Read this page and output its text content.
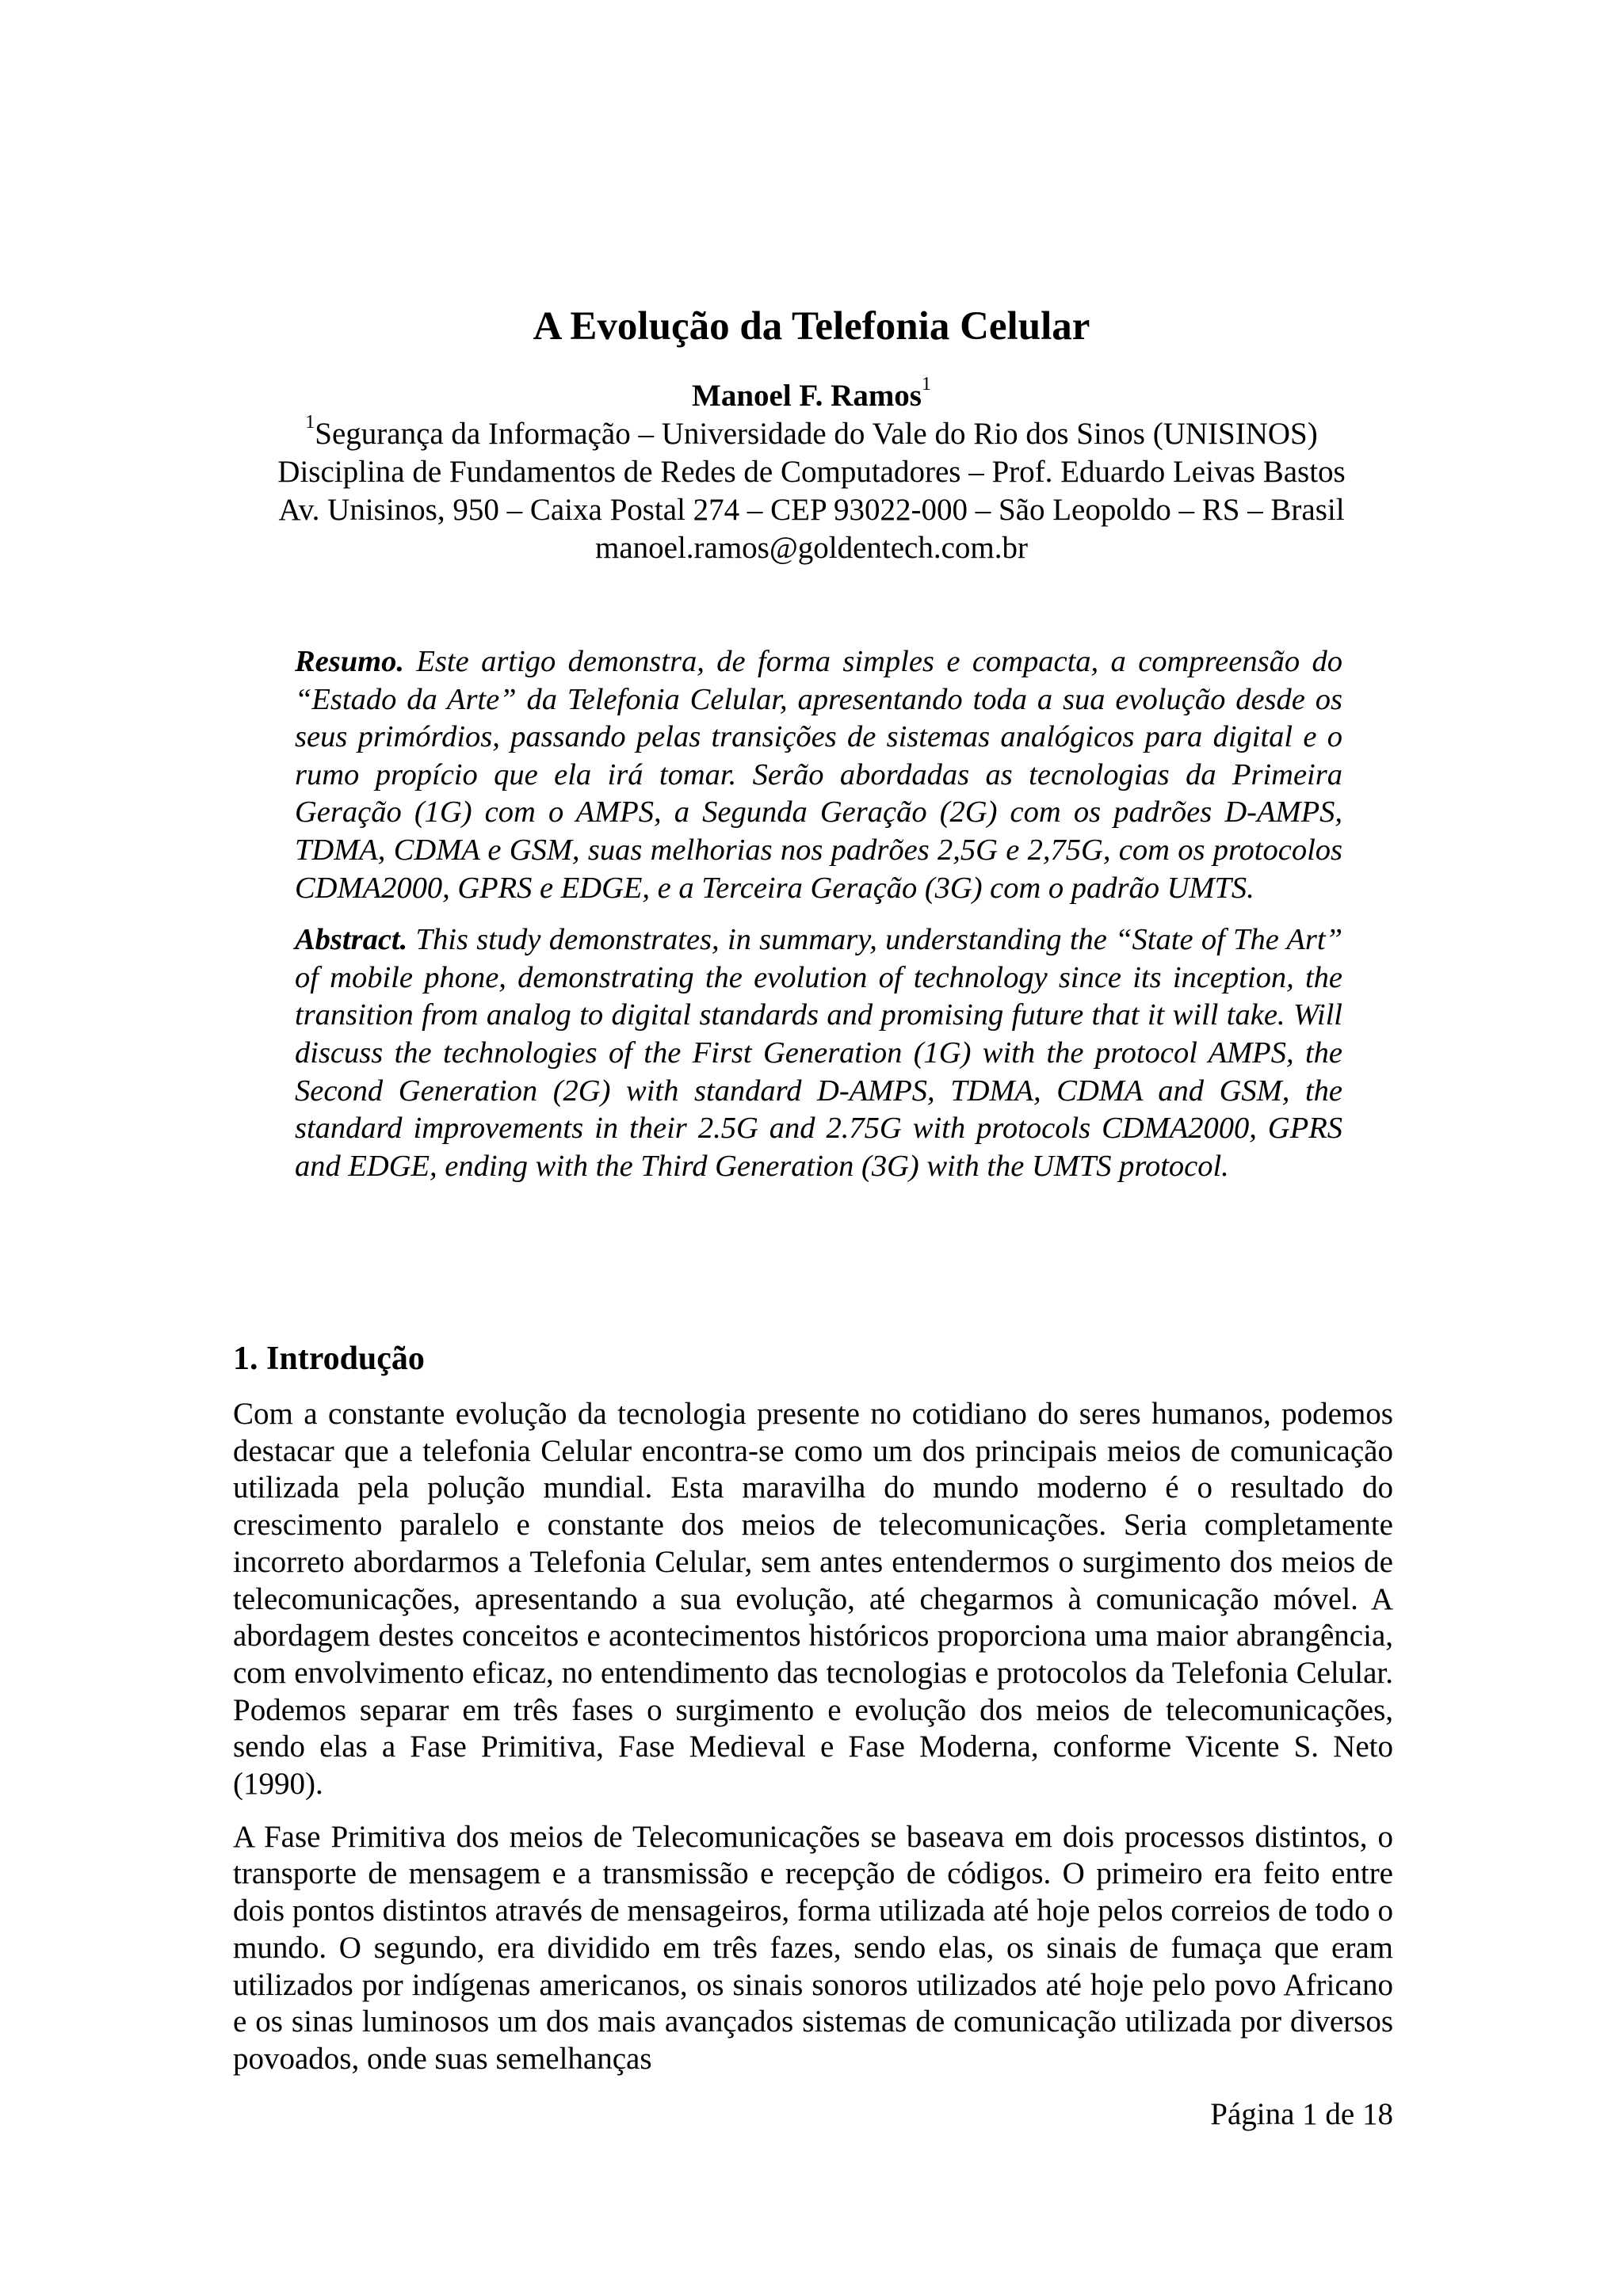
A Evolução da Telefonia Celular
Manoel F. Ramos$^1$
$^1$Segurança da Informação – Universidade do Vale do Rio dos Sinos (UNISINOS)
Disciplina de Fundamentos de Redes de Computadores – Prof. Eduardo Leivas Bastos
Av. Unisinos, 950 – Caixa Postal 274 – CEP 93022-000 – São Leopoldo – RS – Brasil
manoel.ramos@goldentech.com.br

Resumo. Este artigo demonstra, de forma simples e compacta, a compreensão do “Estado da Arte” da Telefonia Celular, apresentando toda a sua evolução desde os seus primórdios, passando pelas transições de sistemas analógicos para digital e o rumo propício que ela irá tomar. Serão abordadas as tecnologias da Primeira Geração (1G) com o AMPS, a Segunda Geração (2G) com os padrões D-AMPS, TDMA, CDMA e GSM, suas melhorias nos padrões 2,5G e 2,75G, com os protocolos CDMA2000, GPRS e EDGE, e a Terceira Geração (3G) com o padrão UMTS.

Abstract. This study demonstrates, in summary, understanding the “State of The Art” of mobile phone, demonstrating the evolution of technology since its inception, the transition from analog to digital standards and promising future that it will take. Will discuss the technologies of the First Generation (1G) with the protocol AMPS, the Second Generation (2G) with standard D-AMPS, TDMA, CDMA and GSM, the standard improvements in their 2.5G and 2.75G with protocols CDMA2000, GPRS and EDGE, ending with the Third Generation (3G) with the UMTS protocol.

1. Introdução

Com a constante evolução da tecnologia presente no cotidiano do seres humanos, podemos destacar que a telefonia Celular encontra-se como um dos principais meios de comunicação utilizada pela polução mundial. Esta maravilha do mundo moderno é o resultado do crescimento paralelo e constante dos meios de telecomunicações. Seria completamente incorreto abordarmos a Telefonia Celular, sem antes entendermos o surgimento dos meios de telecomunicações, apresentando a sua evolução, até chegarmos à comunicação móvel. A abordagem destes conceitos e acontecimentos históricos proporciona uma maior abrangência, com envolvimento eficaz, no entendimento das tecnologias e protocolos da Telefonia Celular. Podemos separar em três fases o surgimento e evolução dos meios de telecomunicações, sendo elas a Fase Primitiva, Fase Medieval e Fase Moderna, conforme Vicente S. Neto (1990).

A Fase Primitiva dos meios de Telecomunicações se baseava em dois processos distintos, o transporte de mensagem e a transmissão e recepção de códigos. O primeiro era feito entre dois pontos distintos através de mensageiros, forma utilizada até hoje pelos correios de todo o mundo. O segundo, era dividido em três fazes, sendo elas, os sinais de fumaça que eram utilizados por indígenas americanos, os sinais sonoros utilizados até hoje pelo povo Africano e os sinas luminosos um dos mais avançados sistemas de comunicação utilizada por diversos povoados, onde suas semelhanças

Página 1 de 18
